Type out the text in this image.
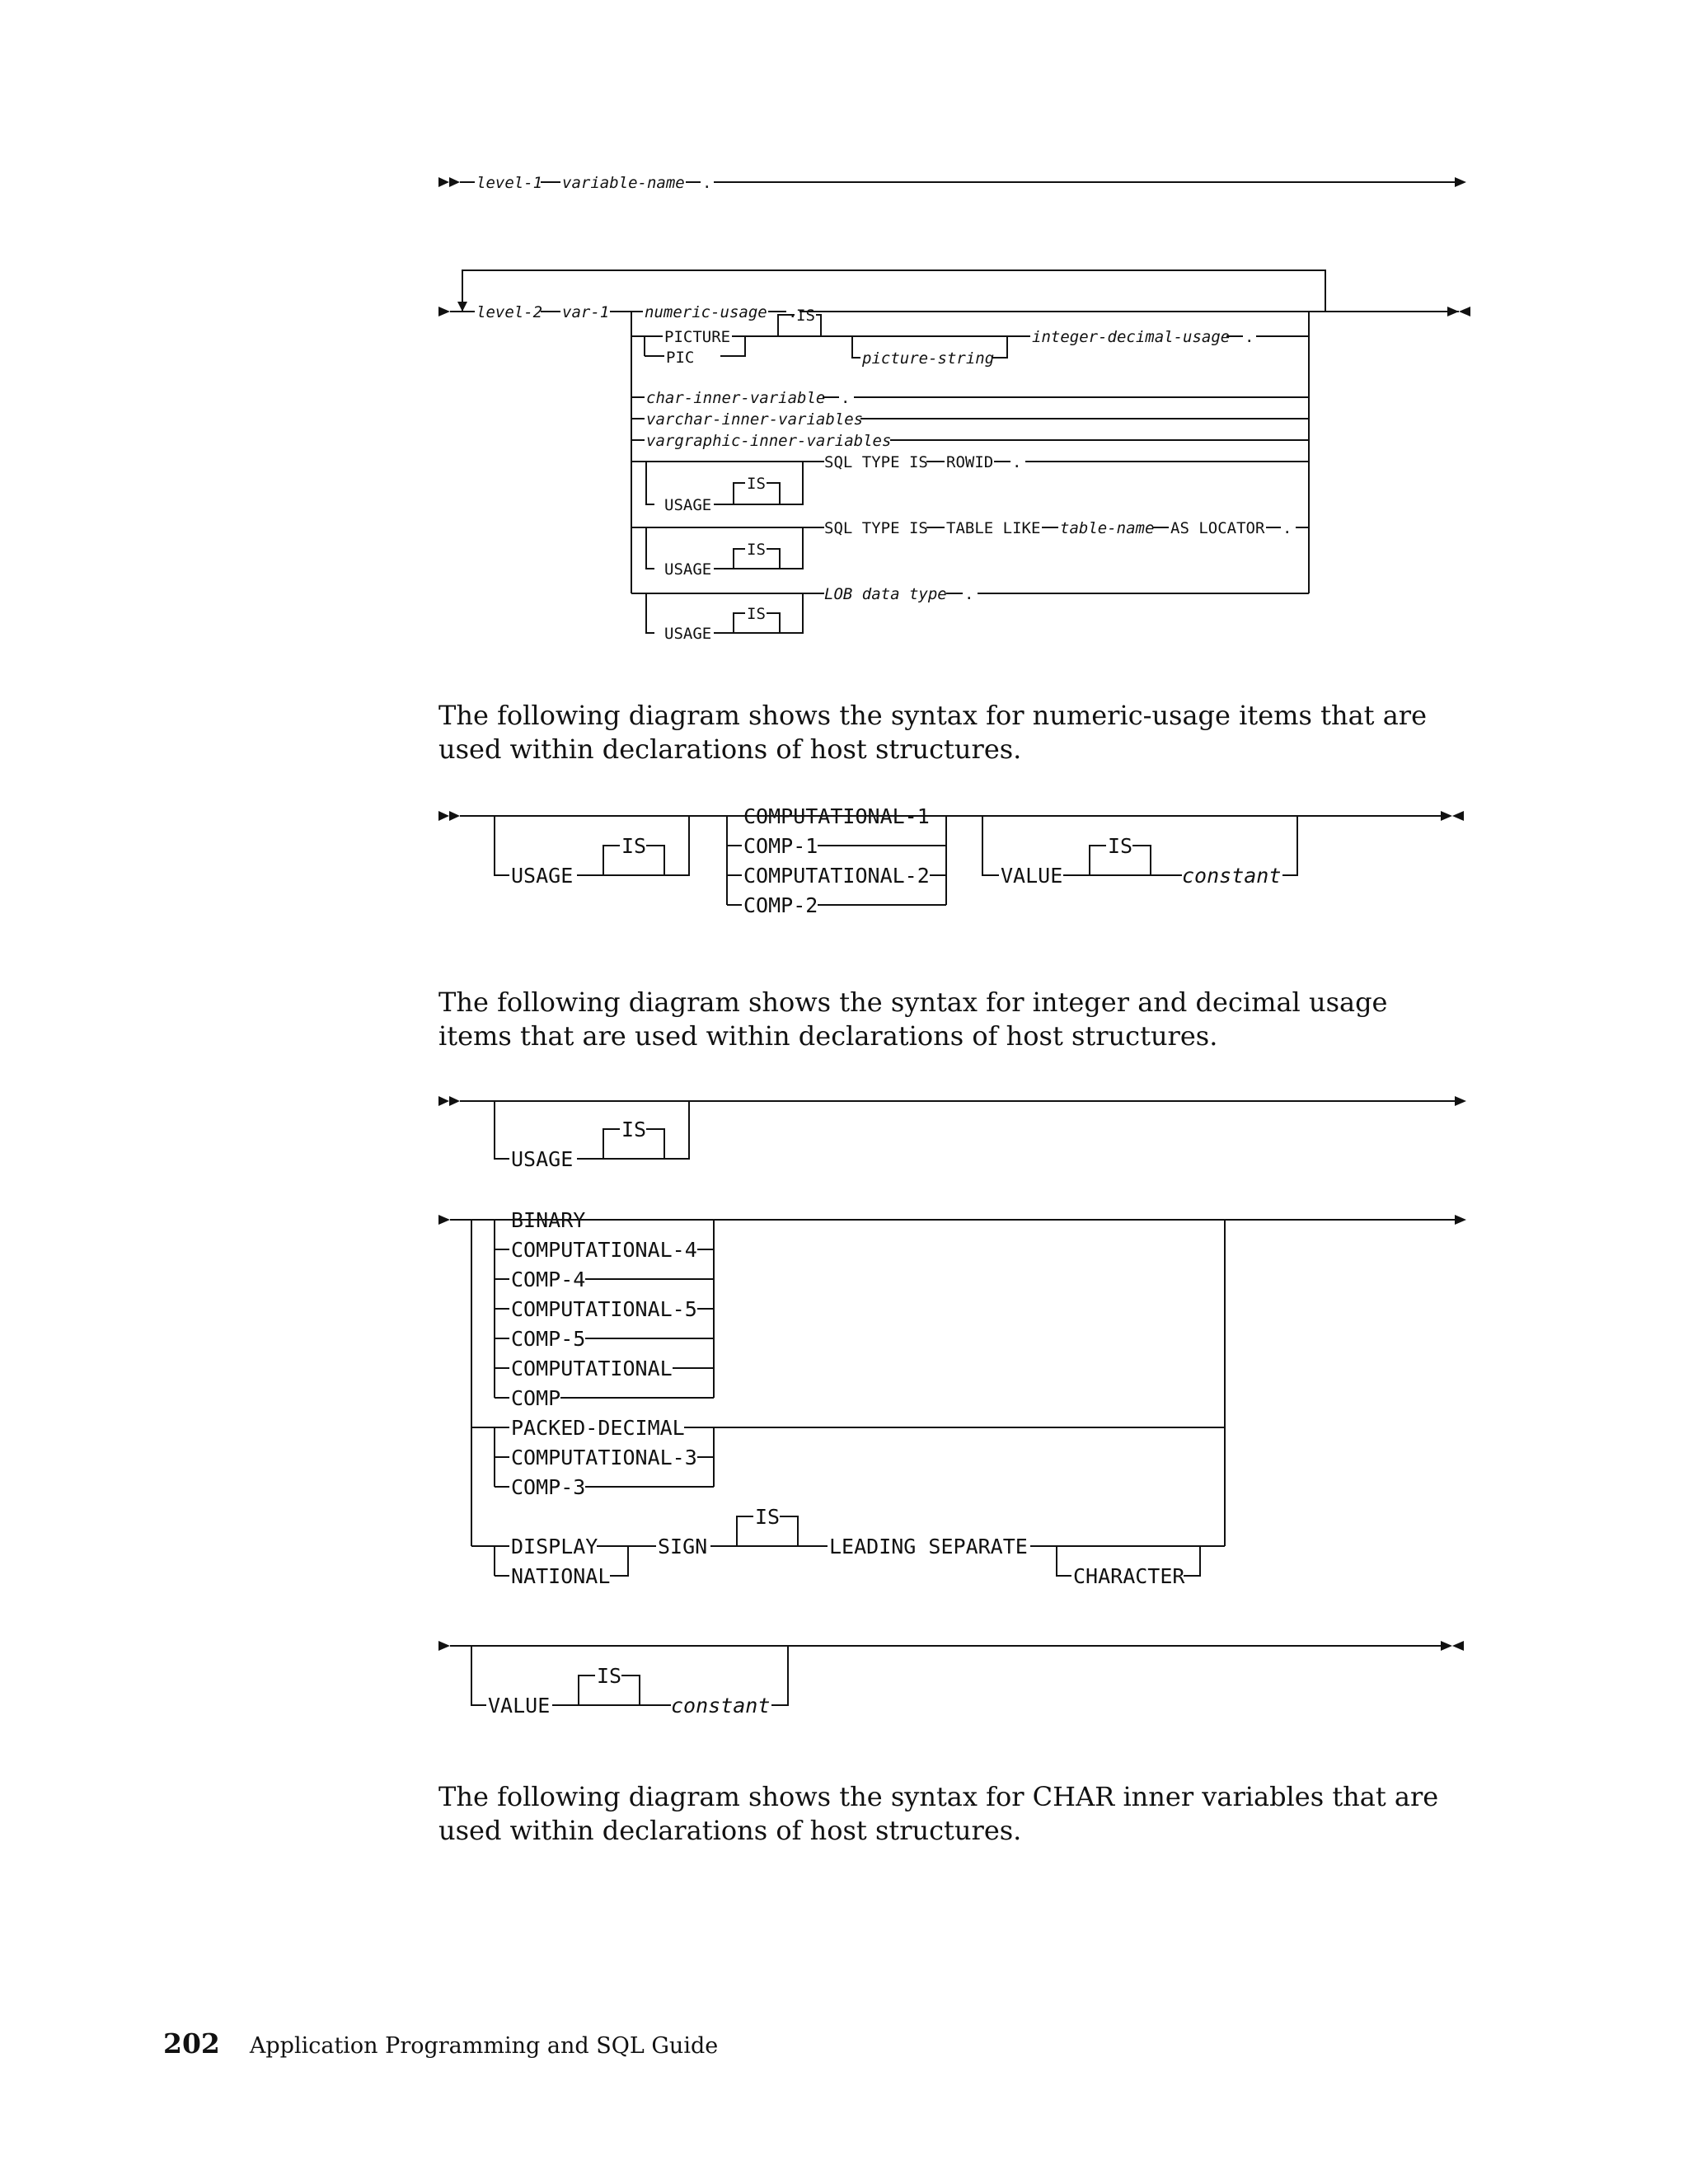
level-1 variable-name .
level-2 var-1 numeric-usage .
PICTURE
PIC
IS
picture-string
integer-decimal-usage .
char-inner-variable .
varchar-inner-variables
vargraphic-inner-variables
USAGE
IS
SQL TYPE IS ROWID .
USAGE
IS
SQL TYPE IS TABLE LIKE table-name AS LOCATOR .
USAGE
IS
LOB data type .

The following diagram shows the syntax for numeric-usage items that are used within declarations of host structures.

USAGE
IS
COMPUTATIONAL-1
COMP-1
COMPUTATIONAL-2
COMP-2
VALUE
IS
constant

The following diagram shows the syntax for integer and decimal usage items that are used within declarations of host structures.

USAGE
IS
BINARY
COMPUTATIONAL-4
COMP-4
COMPUTATIONAL-5
COMP-5
COMPUTATIONAL
COMP
PACKED-DECIMAL
COMPUTATIONAL-3
COMP-3
DISPLAY
NATIONAL
SIGN
IS
LEADING SEPARATE
CHARACTER
VALUE
IS
constant

The following diagram shows the syntax for CHAR inner variables that are used within declarations of host structures.

202 Application Programming and SQL Guide
